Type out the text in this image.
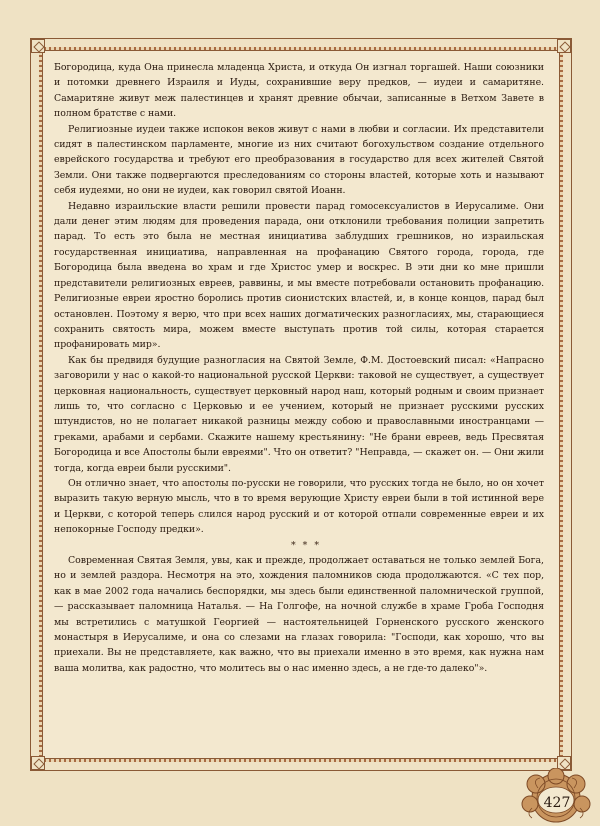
Богородица, куда Она принесла младенца Христа, и откуда Он изгнал торгашей. Наши союзники и потомки древнего Израиля и Иуды, сохранившие веру предков, — иудеи и самаритяне. Самаритяне живут меж палестинцев и хранят древние обычаи, записанные в Ветхом Завете в полном братстве с нами.

Религиозные иудеи также испокон веков живут с нами в любви и согласии. Их представители сидят в палестинском парламенте, многие из них считают богохульством создание отдельного еврейского государства и требуют его преобразования в государство для всех жителей Святой Земли. Они также подвергаются преследованиям со стороны властей, которые хоть и называют себя иудеями, но они не иудеи, как говорил святой Иоанн.

Недавно израильские власти решили провести парад гомосексуалистов в Иерусалиме. Они дали денег этим людям для проведения парада, они отклонили требования полиции запретить парад. То есть это была не местная инициатива заблудших грешников, но израильская государственная инициатива, направленная на профанацию Святого города, города, где Богородица была введена во храм и где Христос умер и воскрес. В эти дни ко мне пришли представители религиозных евреев, раввины, и мы вместе потребовали остановить профанацию. Религиозные евреи яростно боролись против сионистских властей, и, в конце концов, парад был остановлен. Поэтому я верю, что при всех наших догматических разногласиях, мы, старающиеся сохранить святость мира, можем вместе выступать против той силы, которая старается профанировать мир».

Как бы предвидя будущие разногласия на Святой Земле, Ф.М. Достоевский писал: «Напрасно заговорили у нас о какой-то национальной русской Церкви: таковой не существует, а существует церковная национальность, существует церковный народ наш, который родным и своим признает лишь то, что согласно с Церковью и ее учением, который не признает русскими русских штундистов, но не полагает никакой разницы между собою и православными иностранцами — греками, арабами и сербами. Скажите нашему крестьянину: "Не брани евреев, ведь Пресвятая Богородица и все Апостолы были евреями". Что он ответит? "Неправда, — скажет он. — Они жили тогда, когда евреи были русскими".

Он отлично знает, что апостолы по-русски не говорили, что русских тогда не было, но он хочет выразить такую верную мысль, что в то время верующие Христу евреи были в той истинной вере и Церкви, с которой теперь слился народ русский и от которой отпали современные евреи и их непокорные Господу предки».

* * *

Современная Святая Земля, увы, как и прежде, продолжает оставаться не только землей Бога, но и землей раздора. Несмотря на это, хождения паломников сюда продолжаются. «С тех пор, как в мае 2002 года начались беспорядки, мы здесь были единственной паломнической группой, — рассказывает паломница Наталья. — На Голгофе, на ночной службе в храме Гроба Господня мы встретились с матушкой Георгией — настоятельницей Горненского русского женского монастыря в Иерусалиме, и она со слезами на глазах говорила: "Господи, как хорошо, что вы приехали. Вы не представляете, как важно, что вы приехали именно в это время, как нужна нам ваша молитва, как радостно, что молитесь вы о нас именно здесь, а не где-то далеко"».

427
